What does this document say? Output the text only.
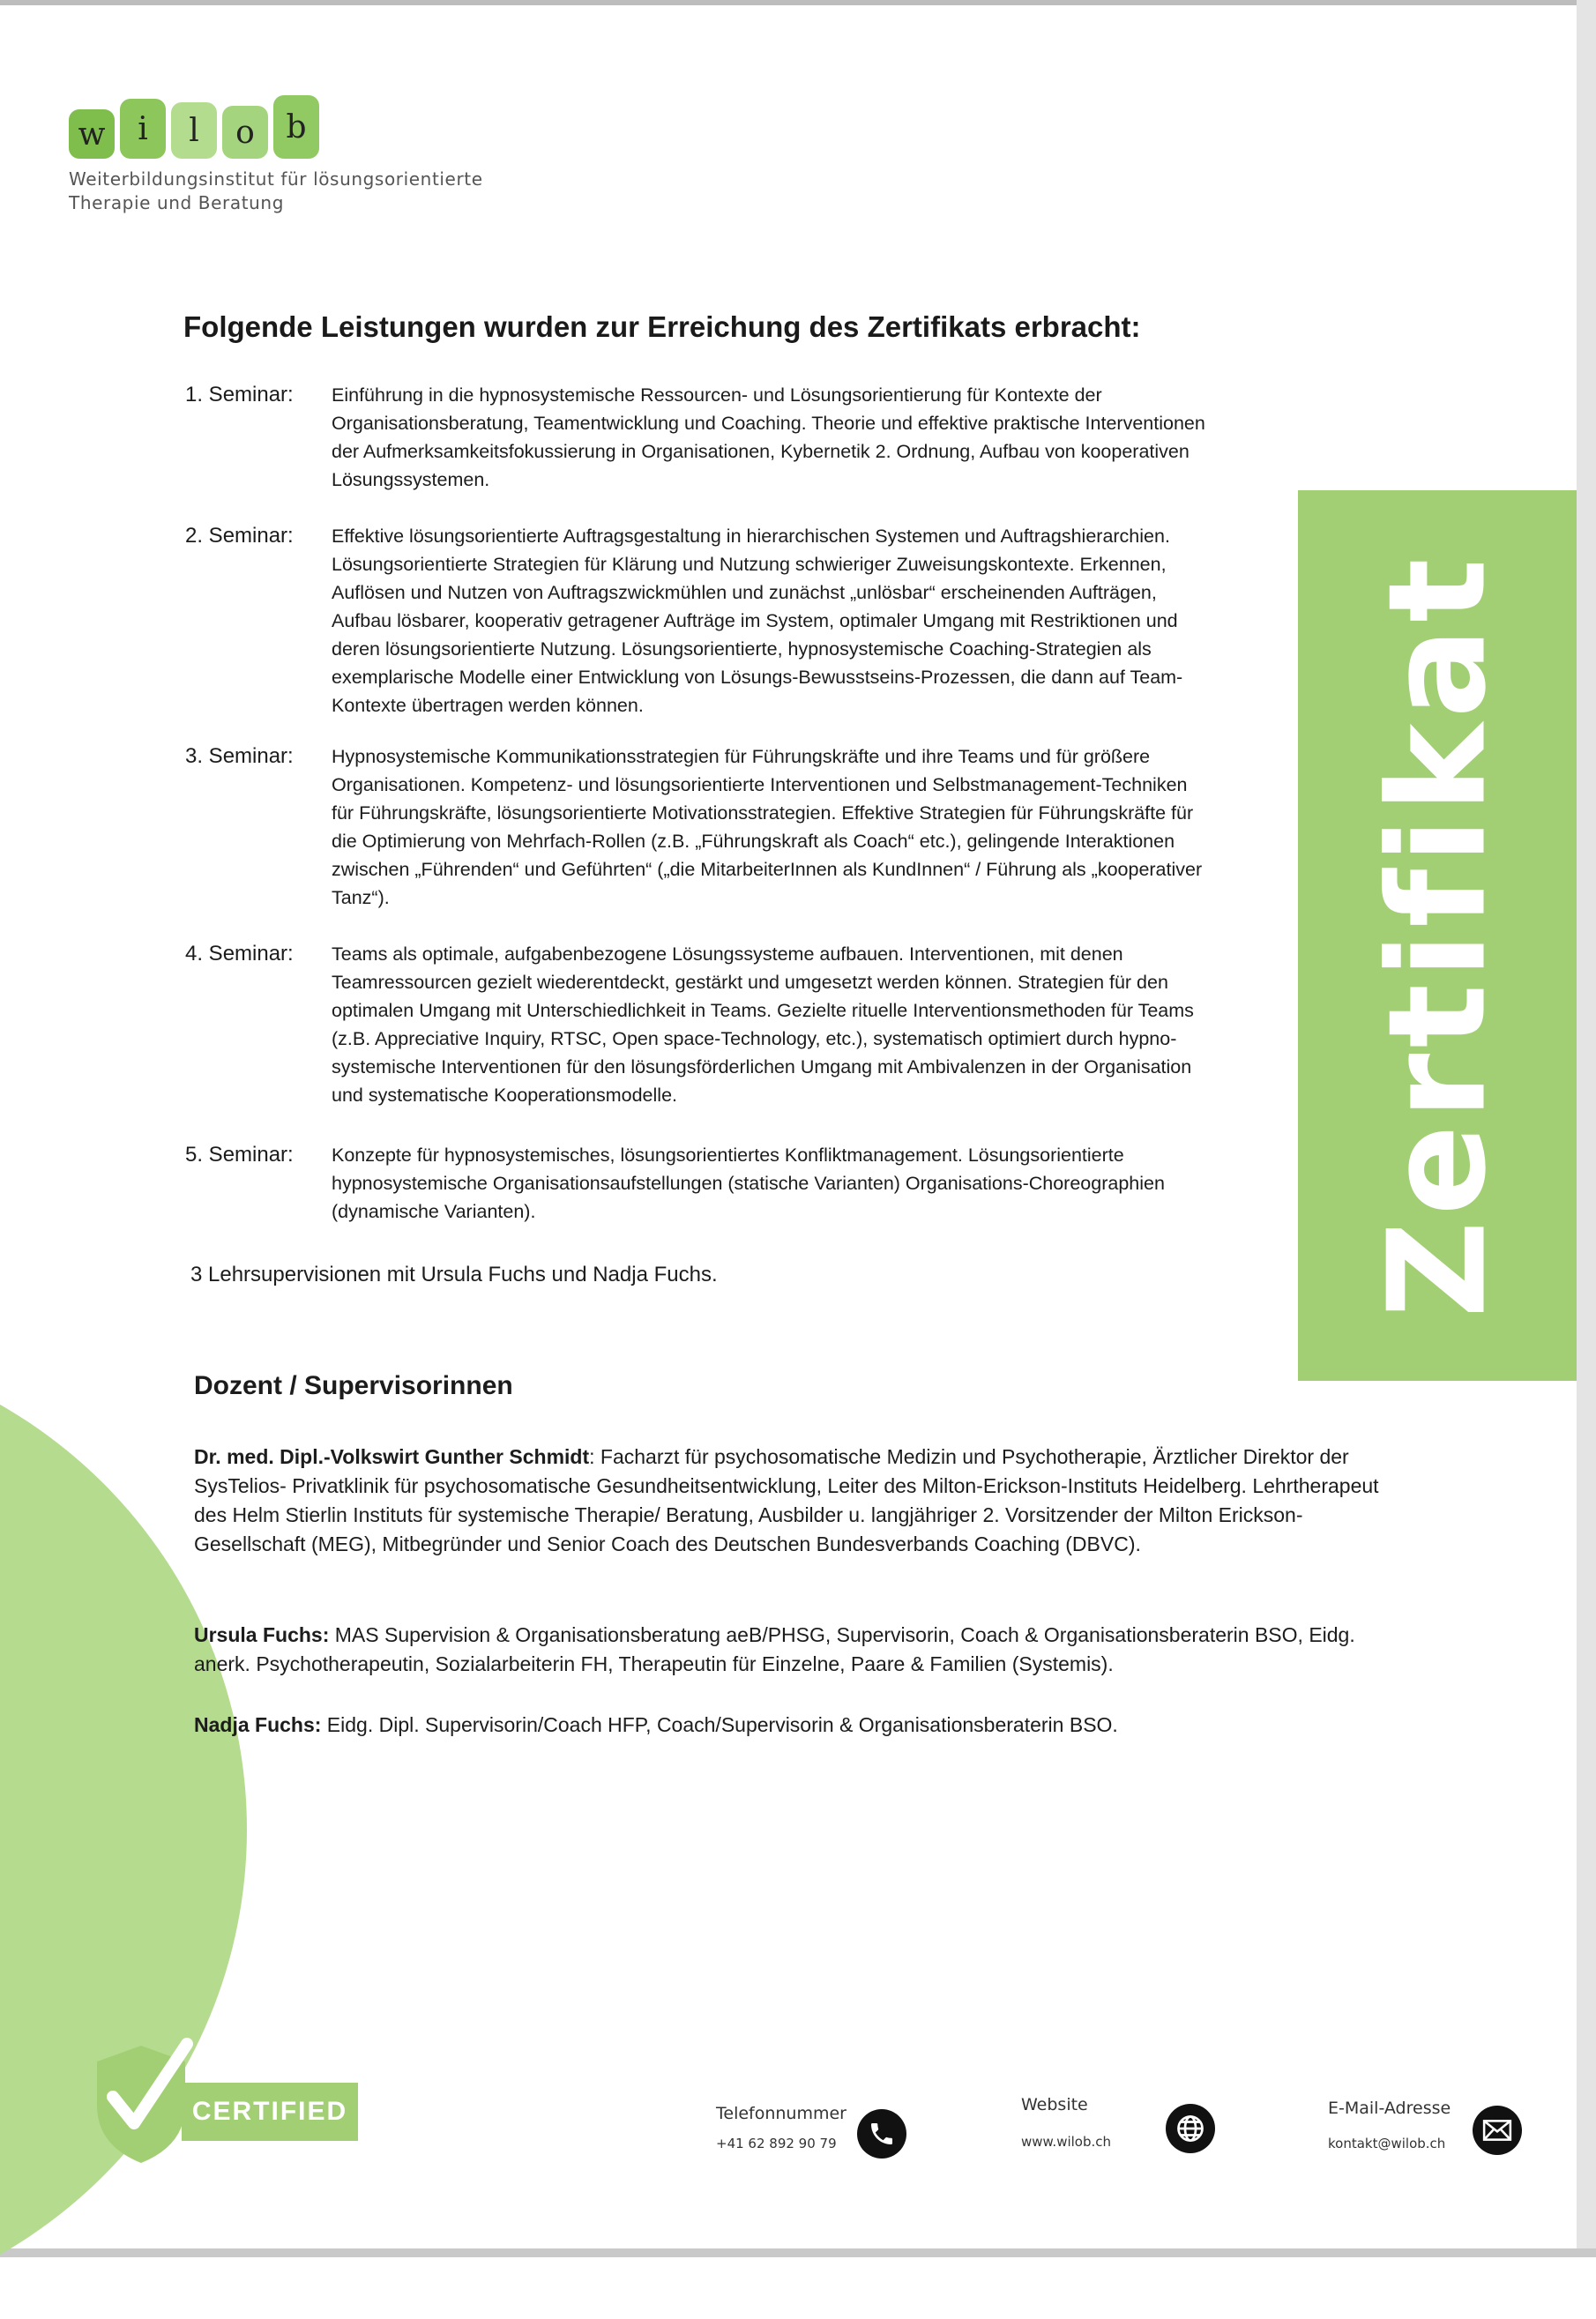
w	i	l	o b
Weiterbildungsinstitut für lösungsorientierte
Therapie und Beratung
Zertifikat
Folgende Leistungen wurden zur Erreichung des Zertifikats erbracht:
1. Seminar:	Einführung in die hypnosystemische Ressourcen- und Lösungsorientierung für Kontexte der Organisationsberatung, Teamentwicklung und Coaching. Theorie und effektive praktische Interventionen der Aufmerksamkeitsfokussierung in Organisationen, Kybernetik 2. Ordnung, Aufbau von kooperativen Lösungssystemen.
2. Seminar:	Effektive lösungsorientierte Auftragsgestaltung in hierarchischen Systemen und Auftragshierarchien. Lösungsorientierte Strategien für Klärung und Nutzung schwieriger Zuweisungskontexte. Erkennen, Auflösen und Nutzen von Auftragszwickmühlen und zunächst „unlösbar“ erscheinenden Aufträgen, Aufbau lösbarer, kooperativ getragener Aufträge im System, optimaler Umgang mit Restriktionen und deren lösungsorientierte Nutzung. Lösungsorientierte, hypnosystemische Coaching-Strategien als exemplarische Modelle einer Entwicklung von Lösungs-Bewusstseins-Prozessen, die dann auf Team-Kontexte übertragen werden können.
3. Seminar:	Hypnosystemische Kommunikationsstrategien für Führungskräfte und ihre Teams und für größere Organisationen. Kompetenz- und lösungsorientierte Interventionen und Selbstmanagement-Techniken für Führungskräfte, lösungsorientierte Motivationsstrategien. Effektive Strategien für Führungskräfte für die Optimierung von Mehrfach-Rollen (z.B. „Führungskraft als Coach“ etc.), gelingende Interaktionen zwischen „Führenden“ und Geführten“ („die MitarbeiterInnen als KundInnen“ / Führung als „kooperativer Tanz“).
4. Seminar:	Teams als optimale, aufgabenbezogene Lösungssysteme aufbauen. Interventionen, mit denen Teamressourcen gezielt wiederentdeckt, gestärkt und umgesetzt werden können. Strategien für den optimalen Umgang mit Unterschiedlichkeit in Teams. Gezielte rituelle Interventionsmethoden für Teams (z.B. Appreciative Inquiry, RTSC, Open space-Technology, etc.), systematisch optimiert durch hypno-systemische Interventionen für den lösungsförderlichen Umgang mit Ambivalenzen in der Organisation und systematische Kooperationsmodelle.
5. Seminar:	Konzepte für hypnosystemisches, lösungsorientiertes Konfliktmanagement. Lösungsorientierte hypnosystemische Organisationsaufstellungen (statische Varianten) Organisations-Choreographien (dynamische Varianten).
3 Lehrsupervisionen mit Ursula Fuchs und Nadja Fuchs.
Dozent / Supervisorinnen
Dr. med. Dipl.-Volkswirt Gunther Schmidt: Facharzt für psychosomatische Medizin und Psychotherapie, Ärztlicher Direktor der SysTelios- Privatklinik für psychosomatische Gesundheitsentwicklung, Leiter des Milton-Erickson-Instituts Heidelberg. Lehrtherapeut des Helm Stierlin Instituts für systemische Therapie/ Beratung, Ausbilder u. langjähriger 2. Vorsitzender der Milton Erickson-Gesellschaft (MEG), Mitbegründer und Senior Coach des Deutschen Bundesverbands Coaching (DBVC).
Ursula Fuchs: MAS Supervision & Organisationsberatung aeB/PHSG, Supervisorin, Coach & Organisationsberaterin BSO, Eidg. anerk. Psychotherapeutin, Sozialarbeiterin FH, Therapeutin für Einzelne, Paare & Familien (Systemis).
Nadja Fuchs: Eidg. Dipl. Supervisorin/Coach HFP, Coach/Supervisorin & Organisationsberaterin BSO.
CERTIFIED	Telefonnummer
+41 62 892 90 79
Website
www.wilob.ch
E-Mail-Adresse
kontakt@wilob.ch
